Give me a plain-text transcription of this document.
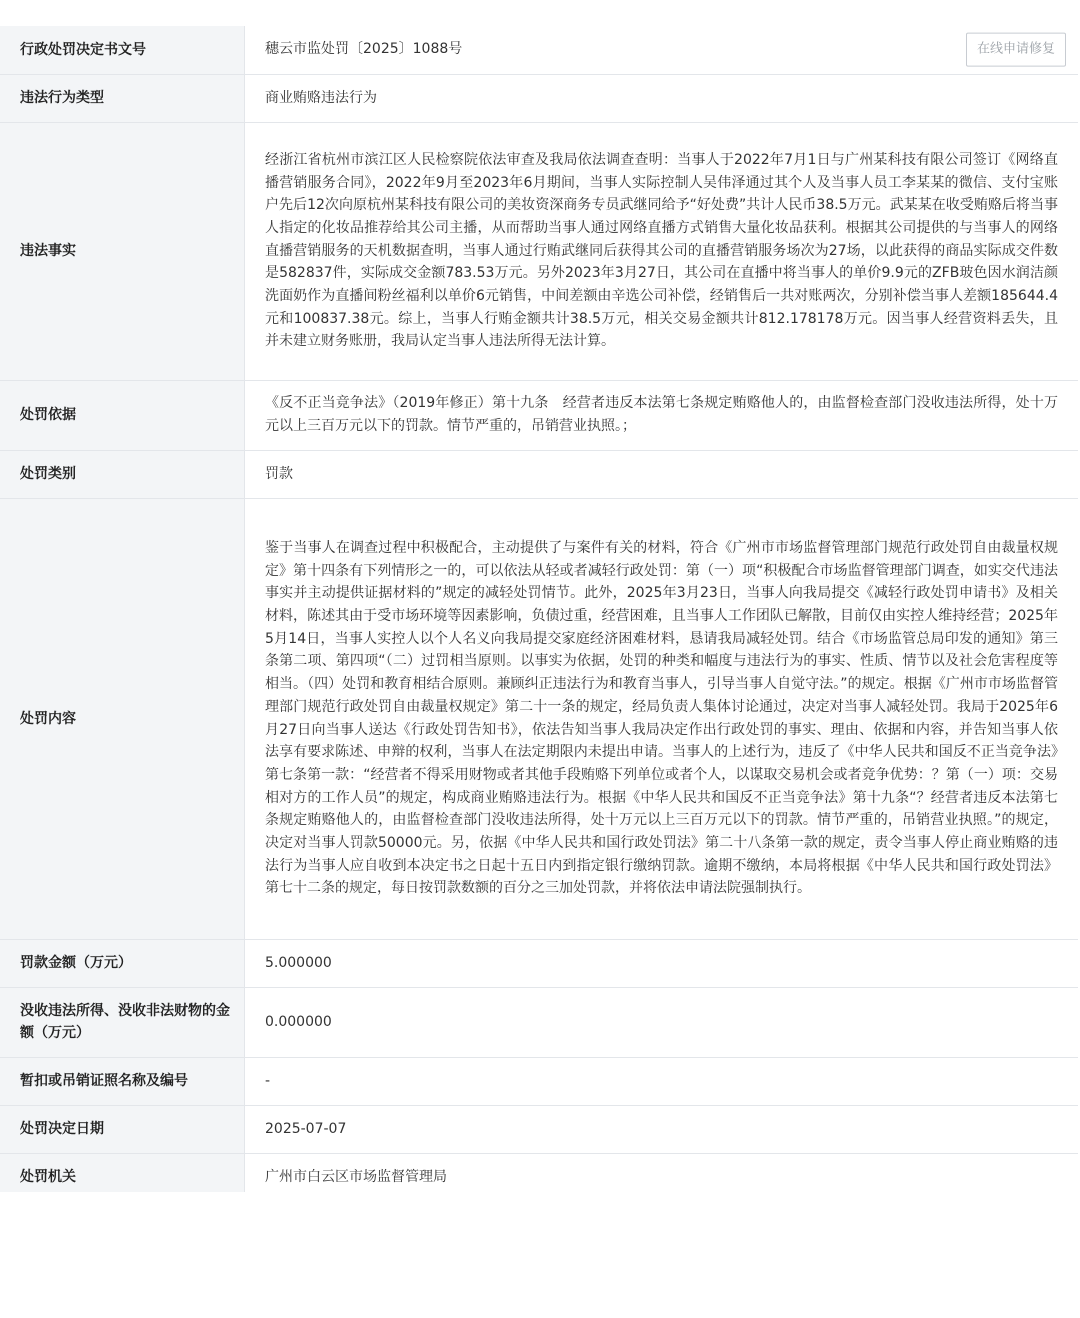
行政处罚决定书文号	穗云市监处罚〔2025〕1088号 在线申请修复

违法行为类型	商业贿赂违法行为
违法事实	经浙江省杭州市滨江区人民检察院依法审查及我局依法调查查明：当事人于2022年7月1日与广州某科技有限公司签订《网络直播营销服务合同》，2022年9月至2023年6月期间，当事人实际控制人吴伟泽通过其个人及当事人员工李某某的微信、支付宝账户先后12次向原杭州某科技有限公司的美妆资深商务专员武继同给予“好处费”共计人民币38.5万元。武某某在收受贿赂后将当事人指定的化妆品推荐给其公司主播，从而帮助当事人通过网络直播方式销售大量化妆品获利。根据其公司提供的与当事人的网络直播营销服务的天机数据查明，当事人通过行贿武继同后获得其公司的直播营销服务场次为27场，以此获得的商品实际成交件数是582837件，实际成交金额783.53万元。另外2023年3月27日，其公司在直播中将当事人的单价9.9元的ZFB玻色因水润洁颜洗面奶作为直播间粉丝福利以单价6元销售，中间差额由辛选公司补偿，经销售后一共对账两次，分别补偿当事人差额185644.4元和100837.38元。综上，当事人行贿金额共计38.5万元，相关交易金额共计812.178178万元。因当事人经营资料丢失，且并未建立财务账册，我局认定当事人违法所得无法计算。
处罚依据	《反不正当竞争法》（2019年修正）第十九条　经营者违反本法第七条规定贿赂他人的，由监督检查部门没收违法所得，处十万元以上三百万元以下的罚款。情节严重的，吊销营业执照。；
处罚类别	罚款
处罚内容	鉴于当事人在调查过程中积极配合，主动提供了与案件有关的材料，符合《广州市市场监督管理部门规范行政处罚自由裁量权规定》第十四条有下列情形之一的，可以依法从轻或者减轻行政处罚：第（一）项“积极配合市场监督管理部门调查，如实交代违法事实并主动提供证据材料的”规定的减轻处罚情节。此外，2025年3月23日，当事人向我局提交《减轻行政处罚申请书》及相关材料，陈述其由于受市场环境等因素影响，负债过重，经营困难，且当事人工作团队已解散，目前仅由实控人维持经营；2025年5月14日，当事人实控人以个人名义向我局提交家庭经济困难材料，恳请我局减轻处罚。结合《市场监管总局印发的通知》第三条第二项、第四项“（二）过罚相当原则。以事实为依据，处罚的种类和幅度与违法行为的事实、性质、情节以及社会危害程度等相当。（四）处罚和教育相结合原则。兼顾纠正违法行为和教育当事人，引导当事人自觉守法。”的规定。根据《广州市市场监督管理部门规范行政处罚自由裁量权规定》第二十一条的规定，经局负责人集体讨论通过，决定对当事人减轻处罚。我局于2025年6月27日向当事人送达《行政处罚告知书》，依法告知当事人我局决定作出行政处罚的事实、理由、依据和内容，并告知当事人依法享有要求陈述、申辩的权利，当事人在法定期限内未提出申请。当事人的上述行为，违反了《中华人民共和国反不正当竞争法》第七条第一款：“经营者不得采用财物或者其他手段贿赂下列单位或者个人，以谋取交易机会或者竞争优势：？第（一）项：交易相对方的工作人员”的规定，构成商业贿赂违法行为。根据《中华人民共和国反不正当竞争法》第十九条“？经营者违反本法第七条规定贿赂他人的，由监督检查部门没收违法所得，处十万元以上三百万元以下的罚款。情节严重的，吊销营业执照。”的规定，决定对当事人罚款50000元。另，依据《中华人民共和国行政处罚法》第二十八条第一款的规定，责令当事人停止商业贿赂的违法行为当事人应自收到本决定书之日起十五日内到指定银行缴纳罚款。逾期不缴纳，本局将根据《中华人民共和国行政处罚法》第七十二条的规定，每日按罚款数额的百分之三加处罚款，并将依法申请法院强制执行。
罚款金额（万元）	5.000000
没收违法所得、没收非法财物的金额（万元）	0.000000
暂扣或吊销证照名称及编号	-
处罚决定日期	2025-07-07
处罚机关	广州市白云区市场监督管理局
